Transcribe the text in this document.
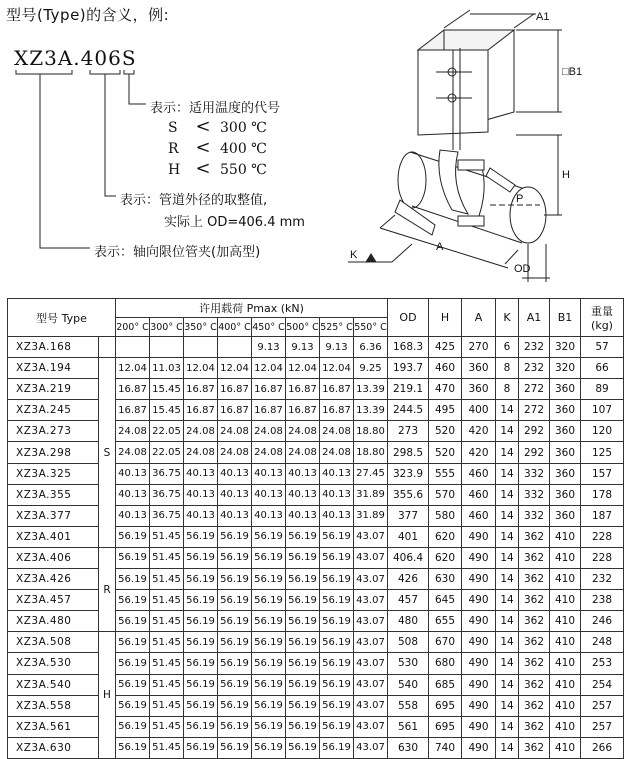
型号(Type)的含义，例:
XZ3A.406S
表示：适用温度的代号
S < 300 ℃
R < 400 ℃
H < 550 ℃
表示：管道外径的取整值,
实际上 OD=406.4 mm
表示：轴向限位管夹(加高型)
A1
□B1
H
P
K
A
OD
型号 Type		许用载荷 Pmax (kN)								OD	H	A	K	A1	B1	重量(kg)
		200° C	300° C	350° C	400° C	450° C	500° C	525° C	550° C							
XZ3A.168						9.13	9.13	9.13	6.36	168.3	425	270	6	232	320	57
XZ3A.194	S	12.04	11.03	12.04	12.04	12.04	12.04	12.04	9.25	193.7	460	360	8	232	320	66
XZ3A.219		16.87	15.45	16.87	16.87	16.87	16.87	16.87	13.39	219.1	470	360	8	272	360	89
XZ3A.245		16.87	15.45	16.87	16.87	16.87	16.87	16.87	13.39	244.5	495	400	14	272	360	107
XZ3A.273		24.08	22.05	24.08	24.08	24.08	24.08	24.08	18.80	273	520	420	14	292	360	120
XZ3A.298		24.08	22.05	24.08	24.08	24.08	24.08	24.08	18.80	298.5	520	420	14	292	360	125
XZ3A.325		40.13	36.75	40.13	40.13	40.13	40.13	40.13	27.45	323.9	555	460	14	332	360	157
XZ3A.355		40.13	36.75	40.13	40.13	40.13	40.13	40.13	31.89	355.6	570	460	14	332	360	178
XZ3A.377		40.13	36.75	40.13	40.13	40.13	40.13	40.13	31.89	377	580	460	14	332	360	187
XZ3A.401		56.19	51.45	56.19	56.19	56.19	56.19	56.19	43.07	401	620	490	14	362	410	228
XZ3A.406	R	56.19	51.45	56.19	56.19	56.19	56.19	56.19	43.07	406.4	620	490	14	362	410	228
XZ3A.426		56.19	51.45	56.19	56.19	56.19	56.19	56.19	43.07	426	630	490	14	362	410	232
XZ3A.457		56.19	51.45	56.19	56.19	56.19	56.19	56.19	43.07	457	645	490	14	362	410	238
XZ3A.480		56.19	51.45	56.19	56.19	56.19	56.19	56.19	43.07	480	655	490	14	362	410	246
XZ3A.508	H	56.19	51.45	56.19	56.19	56.19	56.19	56.19	43.07	508	670	490	14	362	410	248
XZ3A.530		56.19	51.45	56.19	56.19	56.19	56.19	56.19	43.07	530	680	490	14	362	410	253
XZ3A.540		56.19	51.45	56.19	56.19	56.19	56.19	56.19	43.07	540	685	490	14	362	410	254
XZ3A.558		56.19	51.45	56.19	56.19	56.19	56.19	56.19	43.07	558	695	490	14	362	410	257
XZ3A.561		56.19	51.45	56.19	56.19	56.19	56.19	56.19	43.07	561	695	490	14	362	410	257
XZ3A.630		56.19	51.45	56.19	56.19	56.19	56.19	56.19	43.07	630	740	490	14	362	410	266
